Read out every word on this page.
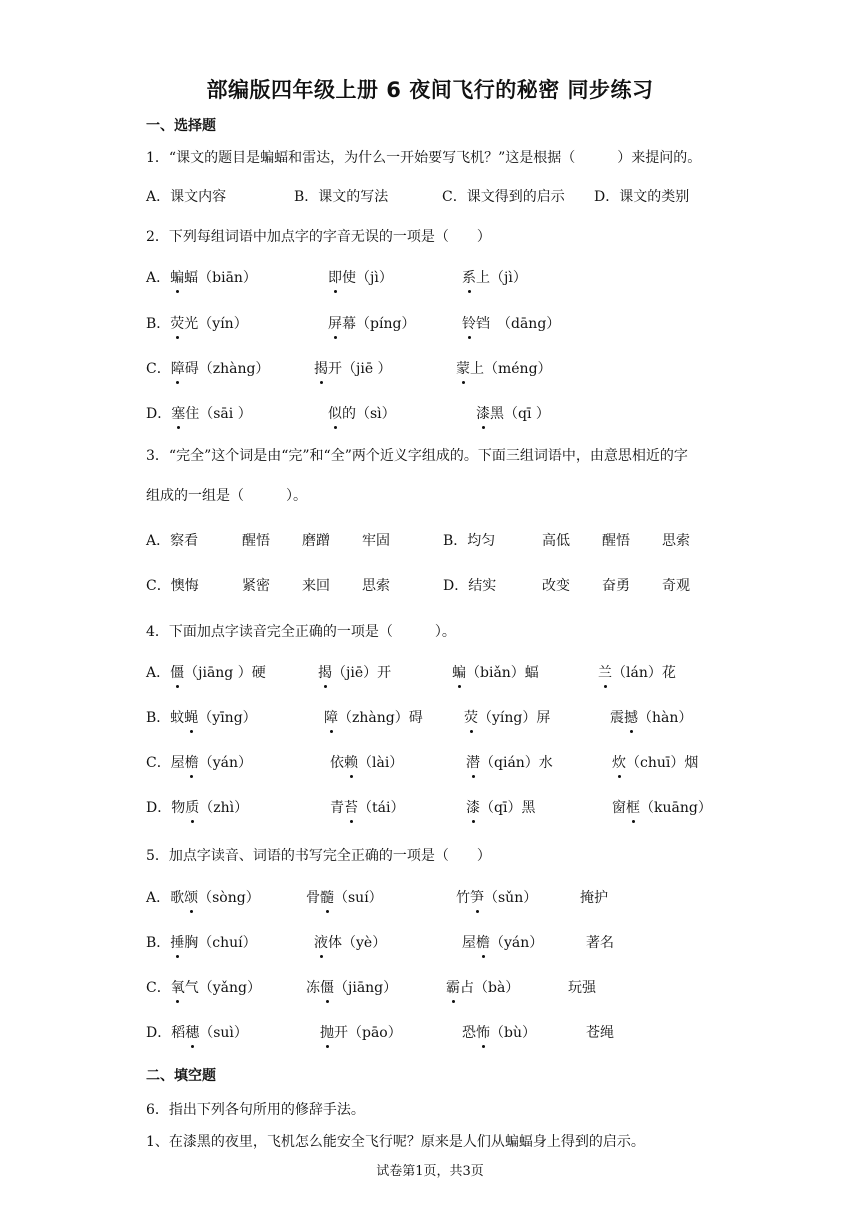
部编版四年级上册 6 夜间飞行的秘密 同步练习
一、选择题
1．“课文的题目是蝙蝠和雷达，为什么一开始要写飞机？”这是根据（　　　）来提问的。
A．课文内容	B．课文的写法	C．课文得到的启示 D．课文的类别
2．下列每组词语中加点字的字音无误的一项是（　　）
A．蝙蝠（biān）	即使（jì）	系上（jì）
B．荧光（yín）	屏幕（píng）	铃铛　（dāng）
C．障碍（zhàng）	揭开（jiē ）	蒙上（méng）
D．塞住（sāi ）	似的（sì）	漆黑（qī ）
3．“完全”这个词是由“完”和“全”两个近义字组成的。下面三组词语中，由意思相近的字
组成的一组是（　　　）。
A．察看	醒悟 磨蹭 牢固	B．均匀	高低 醒悟 思索
C．懊悔	紧密 来回 思索	D．结实	改变 奋勇 奇观
4．下面加点字读音完全正确的一项是（　　　）。
A．僵（jiāng ）硬	揭（jiē）开	蝙（biǎn）蝠	兰（lán）花
B．蚊蝇（yīng）	障（zhàng）碍	荧（yíng）屏	震撼（hàn）
C．屋檐（yán）	依赖（lài）	潜（qián）水	炊（chuī）烟
D．物质（zhì）	青苔（tái）	漆（qī）黑	窗框（kuāng）
5．加点字读音、词语的书写完全正确的一项是（　　）
A．歌颂（sòng）	骨髓（suí）	竹笋（sǔn）	掩护
B．捶胸（chuí）	液体（yè）	屋檐（yán）	著名
C．氧气（yǎng）	冻僵（jiāng）	霸占（bà）	玩强
D．稻穗（suì）	抛开（pāo）	恐怖（bù）	苍绳
二、填空题
6．指出下列各句所用的修辞手法。
1、在漆黑的夜里，飞机怎么能安全飞行呢？原来是人们从蝙蝠身上得到的启示。
试卷第1页，共3页
